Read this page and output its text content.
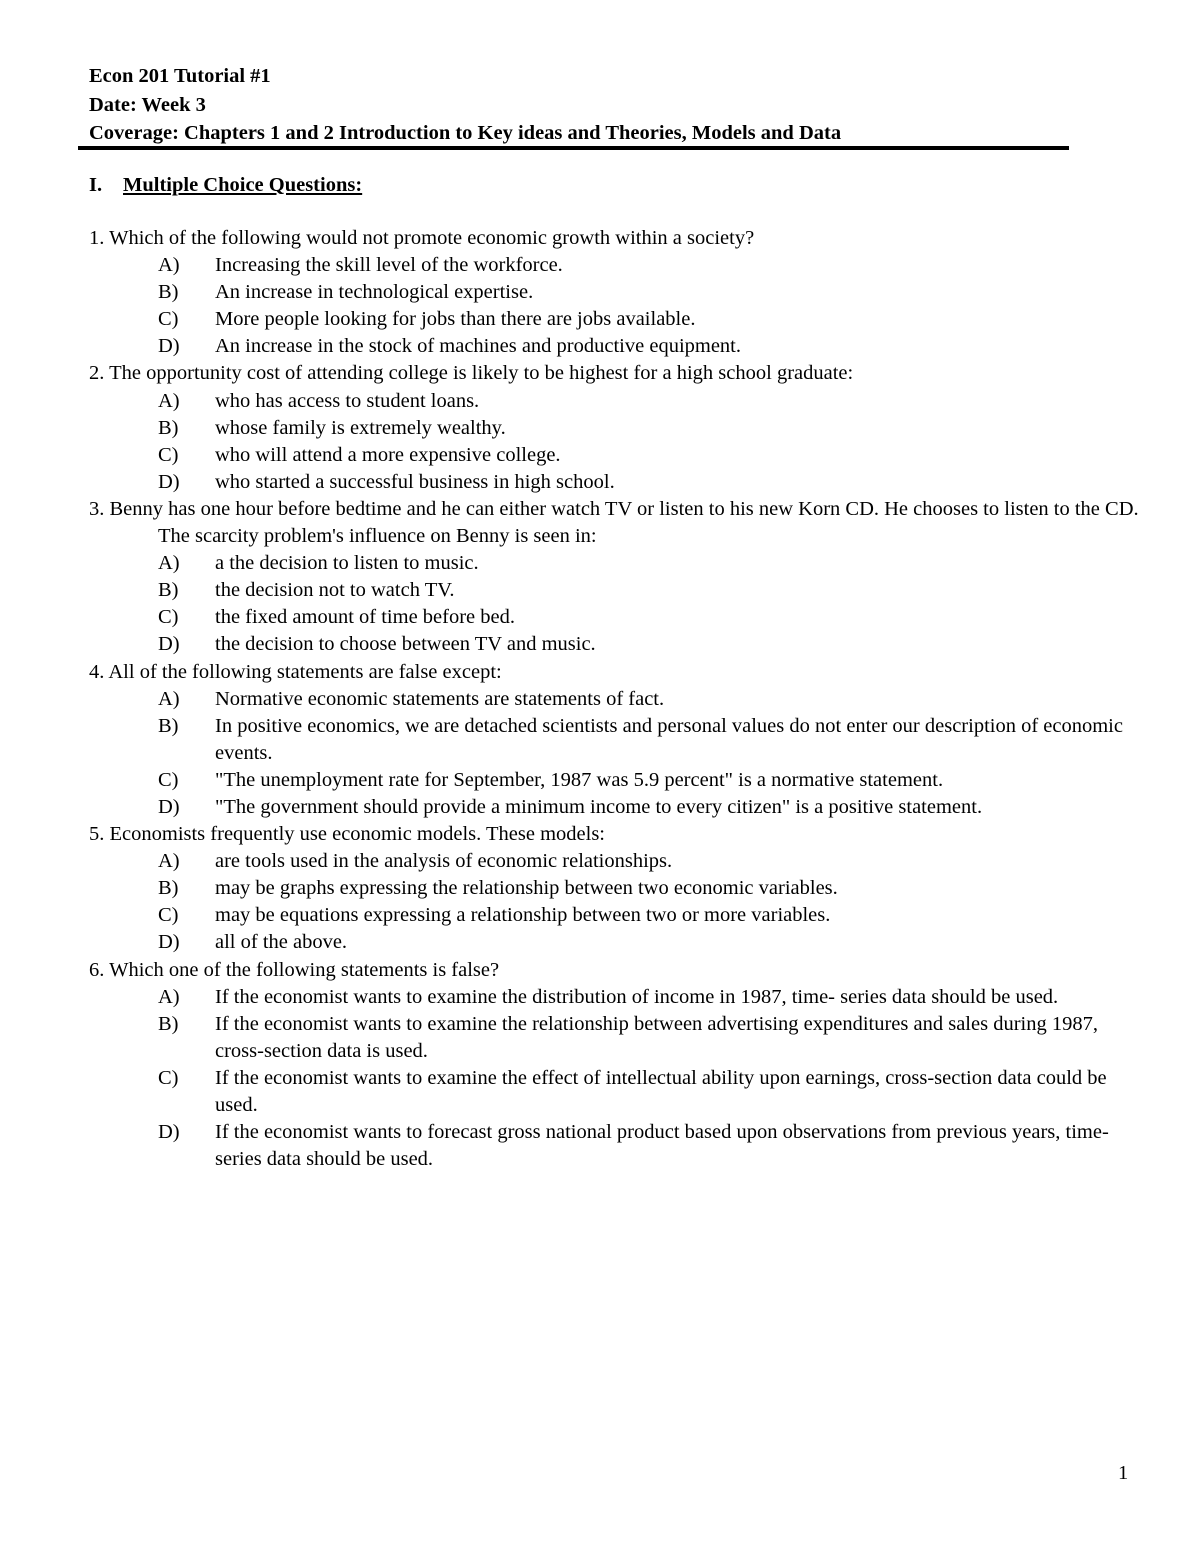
Econ 201 Tutorial #1
Date: Week 3
Coverage: Chapters 1 and 2 Introduction to Key ideas and Theories, Models and Data
I. Multiple Choice Questions:
1. Which of the following would not promote economic growth within a society?
A)	Increasing the skill level of the workforce.
B)	An increase in technological expertise.
C)	More people looking for jobs than there are jobs available.
D)	An increase in the stock of machines and productive equipment.
2. The opportunity cost of attending college is likely to be highest for a high school graduate:
A)	who has access to student loans.
B)	whose family is extremely wealthy.
C)	who will attend a more expensive college.
D)	who started a successful business in high school.
3. Benny has one hour before bedtime and he can either watch TV or listen to his new Korn CD. He chooses to listen to the CD. The scarcity problem's influence on Benny is seen in:
A)	a the decision to listen to music.
B)	the decision not to watch TV.
C)	the fixed amount of time before bed.
D)	the decision to choose between TV and music.
4. All of the following statements are false except:
A)	Normative economic statements are statements of fact.
B)	In positive economics, we are detached scientists and personal values do not enter our description of economic events.
C)	"The unemployment rate for September, 1987 was 5.9 percent" is a normative statement.
D)	"The government should provide a minimum income to every citizen" is a positive statement.
5. Economists frequently use economic models. These models:
A)	are tools used in the analysis of economic relationships.
B)	may be graphs expressing the relationship between two economic variables.
C)	may be equations expressing a relationship between two or more variables.
D)	all of the above.
6. Which one of the following statements is false?
A)	If the economist wants to examine the distribution of income in 1987, time- series data should be used.
B)	If the economist wants to examine the relationship between advertising expenditures and sales during 1987, cross-section data is used.
C)	If the economist wants to examine the effect of intellectual ability upon earnings, cross-section data could be used.
D)	If the economist wants to forecast gross national product based upon observations from previous years, time-series data should be used.
1
